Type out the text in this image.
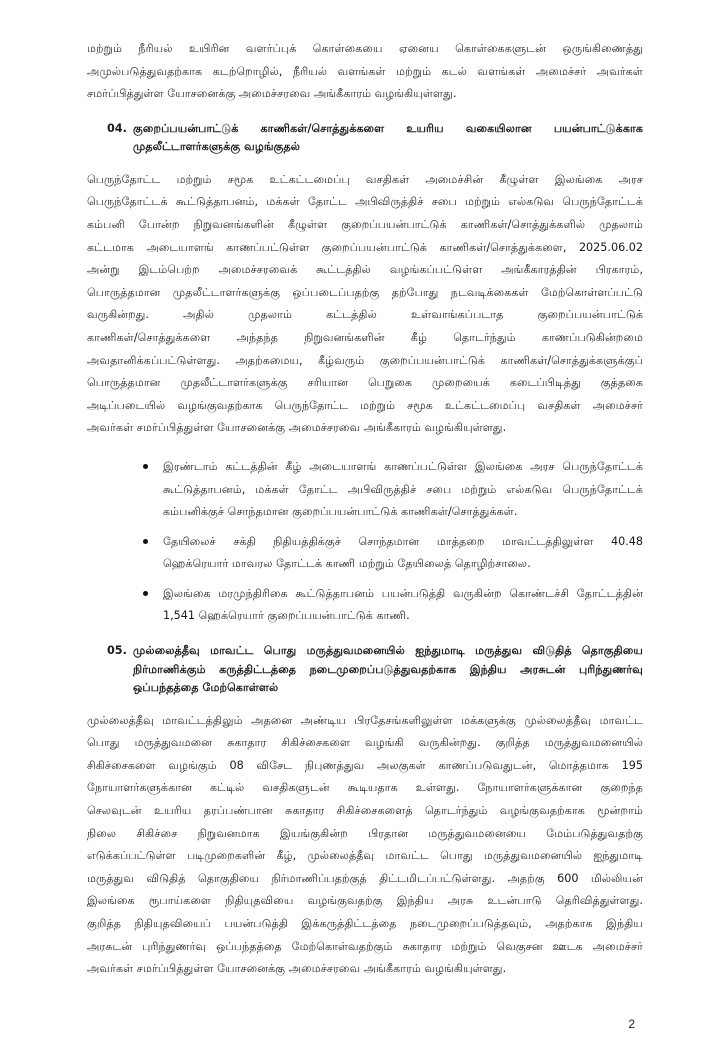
மற்றும் நீரியல் உயிரின வளர்ப்புக் கொள்கையை ஏனைய கொள்கைகளுடன் ஒருங்கிணைத்து
அமுல்படுத்துவதற்காக கடற்றொழில், நீரியல் வளங்கள் மற்றும் கடல் வளங்கள் அமைச்சர் அவர்கள்
சமர்ப்பித்துள்ள யோசனைக்கு அமைச்சரவை அங்கீகாரம் வழங்கியுள்ளது.
04. குறைப்பயன்பாட்டுக் காணிகள்/சொத்துக்களை உயரிய வகையிலான பயன்பாட்டுக்காக
முதலீட்டாளர்களுக்கு வழங்குதல்
பெருந்தோட்ட மற்றும் சமூக உட்கட்டமைப்பு வசதிகள் அமைச்சின் கீழுள்ள இலங்கை அரச
பெருந்தோட்டக் கூட்டுத்தாபனம், மக்கள் தோட்ட அபிவிருத்திச் சபை மற்றும் எல்கடுவ பெருந்தோட்டக்
கம்பனி போன்ற நிறுவனங்களின் கீழுள்ள குறைப்பயன்பாட்டுக் காணிகள்/சொத்துக்களில் முதலாம்
கட்டமாக அடையாளங் காணப்பட்டுள்ள குறைப்பயன்பாட்டுக் காணிகள்/சொத்துக்களை, 2025.06.02
அன்று இடம்பெற்ற அமைச்சரவைக் கூட்டத்தில் வழங்கப்பட்டுள்ள அங்கீகாரத்தின் பிரகாரம்,
பொருத்தமான முதலீட்டாளர்களுக்கு ஒப்படைப்பதற்கு தற்போது நடவடிக்கைகள் மேற்கொள்ளப்பட்டு
வருகின்றது. அதில் முதலாம் கட்டத்தில் உள்வாங்கப்படாத குறைப்பயன்பாட்டுக்
காணிகள்/சொத்துக்களை அந்தந்த நிறுவனங்களின் கீழ் தொடர்ந்தும் காணப்படுகின்றமை
அவதானிக்கப்பட்டுள்ளது. அதற்கமைய, கீழ்வரும் குறைப்பயன்பாட்டுக் காணிகள்/சொத்துக்களுக்குப்
பொருத்தமான முதலீட்டாளர்களுக்கு சரியான பெறுகை முறையைக் கடைப்பிடித்து குத்தகை
அடிப்படையில் வழங்குவதற்காக பெருந்தோட்ட மற்றும் சமூக உட்கட்டமைப்பு வசதிகள் அமைச்சர்
அவர்கள் சமர்ப்பித்துள்ள யோசனைக்கு அமைச்சரவை அங்கீகாரம் வழங்கியுள்ளது.
இரண்டாம் கட்டத்தின் கீழ் அடையாளங் காணப்பட்டுள்ள இலங்கை அரச பெருந்தோட்டக்
கூட்டுத்தாபனம், மக்கள் தோட்ட அபிவிருத்திச் சபை மற்றும் எல்கடுவ பெருந்தோட்டக்
கம்பனிக்குச் சொந்தமான குறைப்பயன்பாட்டுக் காணிகள்/சொத்துக்கள்.
தேயிலைச் சக்தி நிதியத்திக்குச் சொந்தமான மாத்தறை மாவட்டத்திலுள்ள 40.48
ஹெக்ரெயார் மாவரல தோட்டக் காணி மற்றும் தேயிலைத் தொழிற்சாலை.
இலங்கை மரமுந்திரிகை கூட்டுத்தாபனம் பயன்படுத்தி வருகின்ற கொண்டச்சி தோட்டத்தின்
1,541 ஹெக்ரெயார் குறைப்பயன்பாட்டுக் காணி.
05. முல்லைத்தீவு மாவட்ட பொது மருத்துவமனையில் ஐந்துமாடி மருத்துவ விடுதித் தொகுதியை
நிர்மாணிக்கும் கருத்திட்டத்தை நடைமுறைப்படுத்துவதற்காக இந்திய அரசுடன் புரிந்துணர்வு
ஒப்பந்தத்தை மேற்கொள்ளல்
முல்லைத்தீவு மாவட்டத்திலும் அதனை அண்டிய பிரதேசங்களிலுள்ள மக்களுக்கு முல்லைத்தீவு மாவட்ட
பொது மருத்துவமனை சுகாதார சிகிச்சைகளை வழங்கி வருகின்றது. குறித்த மருத்துவமனையில்
சிகிச்சைகளை வழங்கும் 08 விசேட நிபுணத்துவ அலகுகள் காணப்படுவதுடன், மொத்தமாக 195
நோயாளர்களுக்கான கட்டில் வசதிகளுடன் கூடியதாக உள்ளது. நோயாளர்களுக்கான குறைந்த
செலவுடன் உயரிய தரப்பண்பான சுகாதார சிகிச்சைகளைத் தொடர்ந்தும் வழங்குவதற்காக மூன்றாம்
நிலை சிகிச்சை நிறுவனமாக இயங்குகின்ற பிரதான மருத்துவமனையை மேம்படுத்துவதற்கு
எடுக்கப்பட்டுள்ள படிமுறைகளின் கீழ், முல்லைத்தீவு மாவட்ட பொது மருத்துவமனையில் ஐந்துமாடி
மருத்துவ விடுதித் தொகுதியை நிர்மாணிப்பதற்குத் திட்டமிடப்பட்டுள்ளது. அதற்கு 600 மில்லியன்
இலங்கை ரூபாய்களை நிதியுதவியை வழங்குவதற்கு இந்திய அரசு உடன்பாடு தெரிவித்துள்ளது.
குறித்த நிதியுதவியைப் பயன்படுத்தி இக்கருத்திட்டத்தை நடைமுறைப்படுத்தவும், அதற்காக இந்திய
அரசுடன் புரிந்துணர்வு ஒப்பந்தத்தை மேற்கொள்வதற்கும் சுகாதார மற்றும் வெகுசன ஊடக அமைச்சர்
அவர்கள் சமர்ப்பித்துள்ள யோசனைக்கு அமைச்சரவை அங்கீகாரம் வழங்கியுள்ளது.
2
